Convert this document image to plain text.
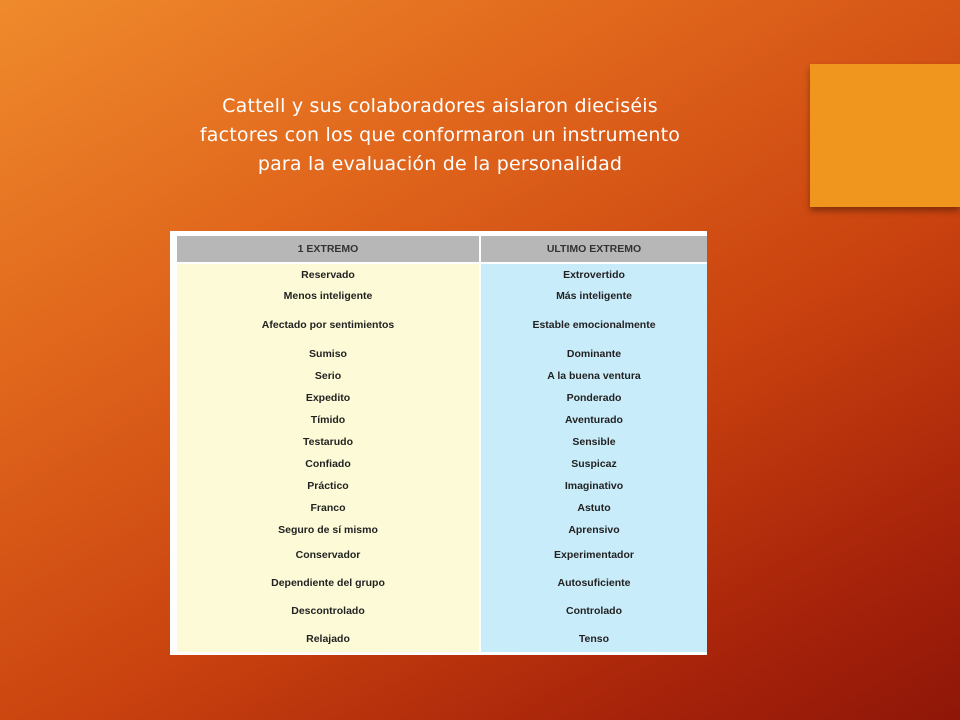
Cattell y sus colaboradores aislaron dieciséis factores con los que conformaron un instrumento para la evaluación de la personalidad
1 EXTREMO	ULTIMO EXTREMO
Reservado	Extrovertido
Menos inteligente	Más inteligente
Afectado por sentimientos	Estable emocionalmente
Sumiso	Dominante
Serio	A la buena ventura
Expedito	Ponderado
Tímido	Aventurado
Testarudo	Sensible
Confiado	Suspicaz
Práctico	Imaginativo
Franco	Astuto
Seguro de sí mismo	Aprensivo
Conservador	Experimentador
Dependiente del grupo	Autosuficiente
Descontrolado	Controlado
Relajado	Tenso
